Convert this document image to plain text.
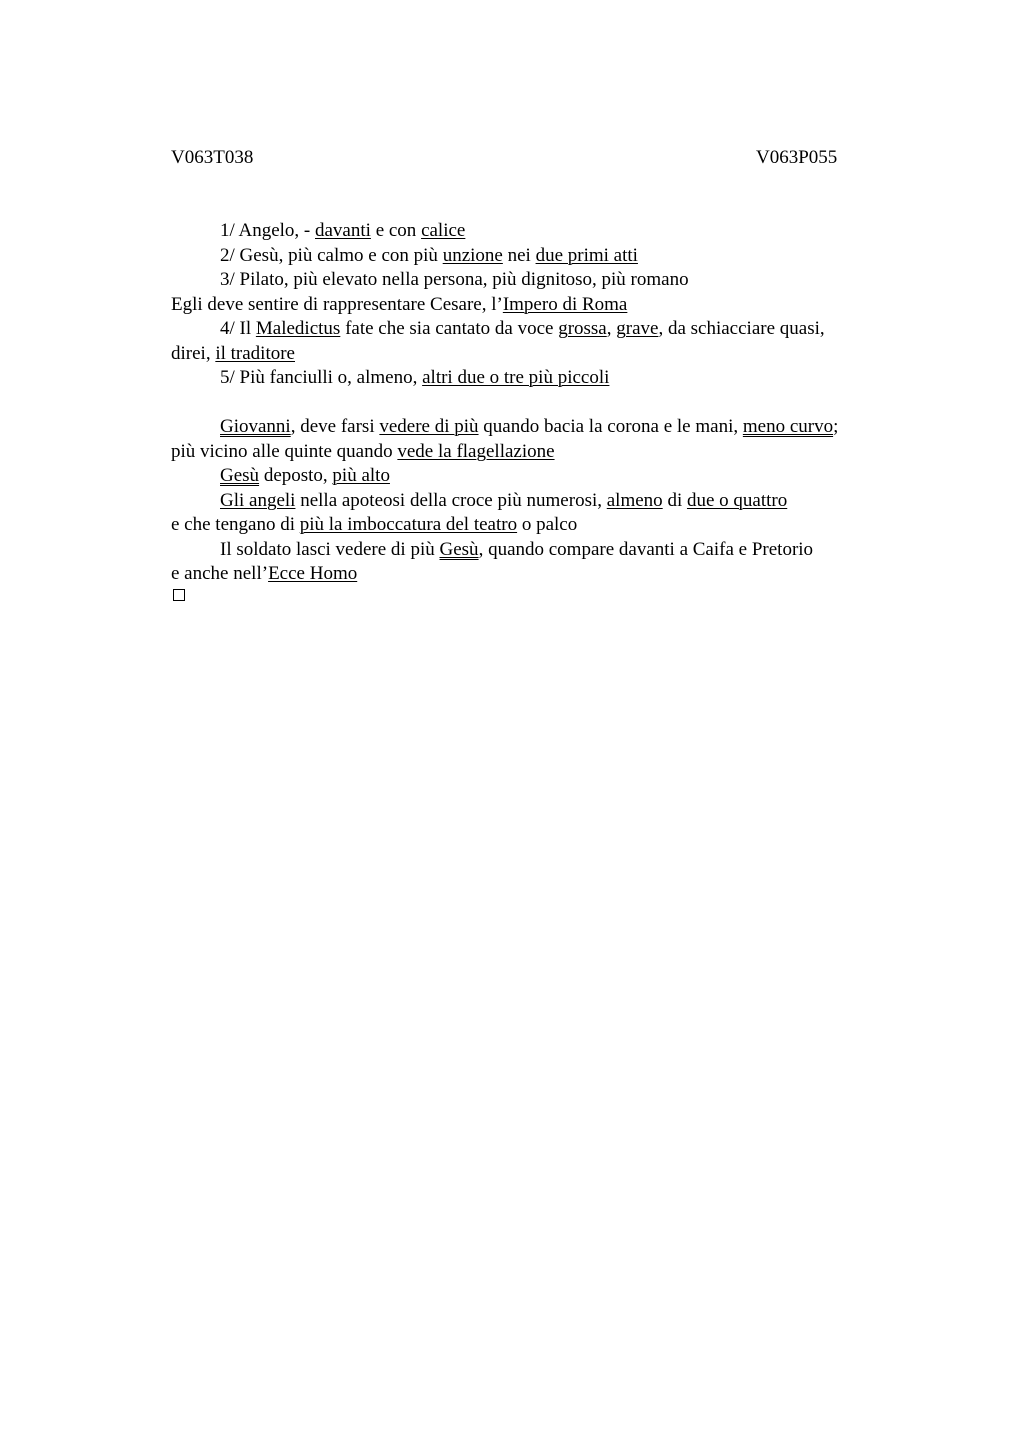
V063T038	V063P055
1/ Angelo, - davanti e con calice
2/ Gesù, più calmo e con più unzione nei due primi atti
3/ Pilato, più elevato nella persona, più dignitoso, più romano
Egli deve sentire di rappresentare Cesare, l’Impero di Roma
4/ Il Maledictus fate che sia cantato da voce grossa, grave, da schiacciare quasi,
direi, il traditore
5/ Più fanciulli o, almeno, altri due o tre più piccoli
Giovanni, deve farsi vedere di più quando bacia la corona e le mani, meno curvo;
più vicino alle quinte quando vede la flagellazione
Gesù deposto, più alto
Gli angeli nella apoteosi della croce più numerosi, almeno di due o quattro
e che tengano di più la imboccatura del teatro o palco
Il soldato lasci vedere di più Gesù, quando compare davanti a Caifa e Pretorio
e anche nell’Ecce Homo
